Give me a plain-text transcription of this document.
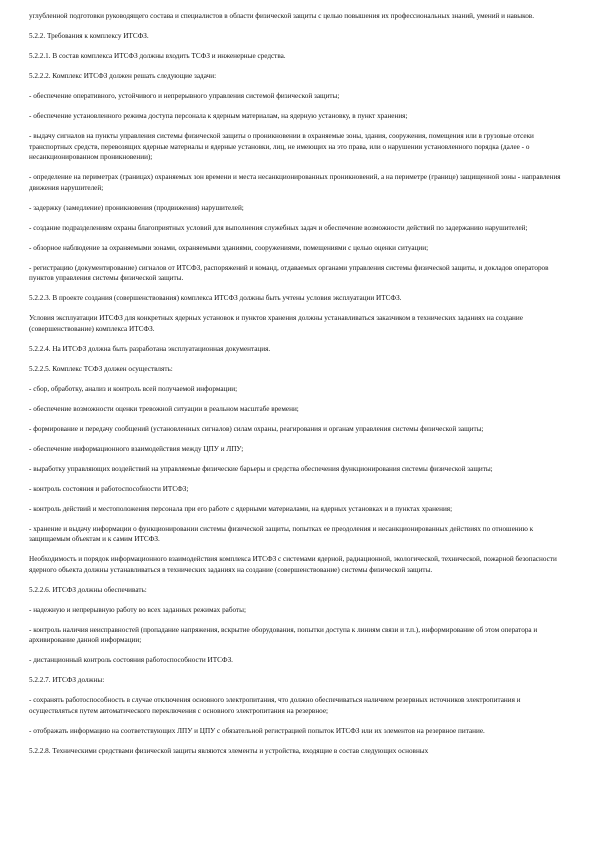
углубленной подготовки руководящего состава и специалистов в области физической защиты с целью повышения их профессиональных знаний, умений и навыков.

5.2.2. Требования к комплексу ИТСФЗ.

5.2.2.1. В состав комплекса ИТСФЗ должны входить ТСФЗ и инженерные средства.

5.2.2.2. Комплекс ИТСФЗ должен решать следующие задачи:

- обеспечение оперативного, устойчивого и непрерывного управления системой физической защиты;

- обеспечение установленного режима доступа персонала к ядерным материалам, на ядерную установку, в пункт хранения;

- выдачу сигналов на пункты управления системы физической защиты о проникновении в охраняемые зоны, здания, сооружения, помещения или в грузовые отсеки транспортных средств, перевозящих ядерные материалы и ядерные установки, лиц, не имеющих на это права, или о нарушении установленного порядка (далее - о несанкционированном проникновении);

- определение на периметрах (границах) охраняемых зон времени и места несанкционированных проникновений, а на периметре (границе) защищенной зоны - направления движения нарушителей;

- задержку (замедление) проникновения (продвижения) нарушителей;

- создание подразделениям охраны благоприятных условий для выполнения служебных задач и обеспечение возможности действий по задержанию нарушителей;

- обзорное наблюдение за охраняемыми зонами, охраняемыми зданиями, сооружениями, помещениями с целью оценки ситуации;

- регистрацию (документирование) сигналов от ИТСФЗ, распоряжений и команд, отдаваемых органами управления системы физической защиты, и докладов операторов пунктов управления системы физической защиты.

5.2.2.3. В проекте создания (совершенствования) комплекса ИТСФЗ должны быть учтены условия эксплуатации ИТСФЗ.

Условия эксплуатации ИТСФЗ для конкретных ядерных установок и пунктов хранения должны устанавливаться заказчиком в технических заданиях на создание (совершенствование) комплекса ИТСФЗ.

5.2.2.4. На ИТСФЗ должна быть разработана эксплуатационная документация.

5.2.2.5. Комплекс ТСФЗ должен осуществлять:

- сбор, обработку, анализ и контроль всей получаемой информации;

- обеспечение возможности оценки тревожной ситуации в реальном масштабе времени;

- формирование и передачу сообщений (установленных сигналов) силам охраны, реагирования и органам управления системы физической защиты;

- обеспечение информационного взаимодействия между ЦПУ и ЛПУ;

- выработку управляющих воздействий на управляемые физические барьеры и средства обеспечения функционирования системы физической защиты;

- контроль состояния и работоспособности ИТСФЗ;

- контроль действий и местоположения персонала при его работе с ядерными материалами, на ядерных установках и в пунктах хранения;

- хранение и выдачу информации о функционировании системы физической защиты, попытках ее преодоления и несанкционированных действиях по отношению к защищаемым объектам и к самим ИТСФЗ.

Необходимость и порядок информационного взаимодействия комплекса ИТСФЗ с системами ядерной, радиационной, экологической, технической, пожарной безопасности ядерного объекта должны устанавливаться в технических заданиях на создание (совершенствование) системы физической защиты.

5.2.2.6. ИТСФЗ должны обеспечивать:

- надежную и непрерывную работу во всех заданных режимах работы;

- контроль наличия неисправностей (пропадание напряжения, вскрытие оборудования, попытки доступа к линиям связи и т.п.), информирование об этом оператора и архивирование данной информации;

- дистанционный контроль состояния работоспособности ИТСФЗ.

5.2.2.7. ИТСФЗ должны:

- сохранять работоспособность в случае отключения основного электропитания, что должно обеспечиваться наличием резервных источников электропитания и осуществляться путем автоматического переключения с основного электропитания на резервное;

- отображать информацию на соответствующих ЛПУ и ЦПУ с обязательной регистрацией попыток ИТСФЗ или их элементов на резервное питание.

5.2.2.8. Техническими средствами физической защиты являются элементы и устройства, входящие в состав следующих основных
